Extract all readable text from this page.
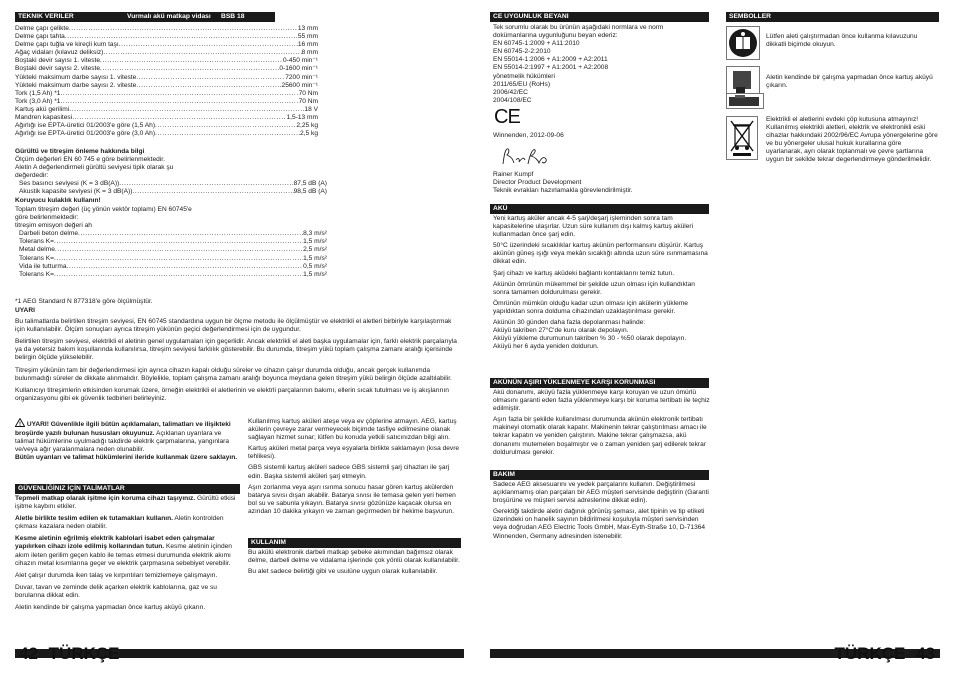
TEKNIK VERILER	Vurmalı akü matkap vidası BSB 18
Delme çapı çelikte .....	13 mm
Delme çapı tahta .....	55 mm
Delme çapı tuğla ve kireçli kum taşı .....	16 mm
Ağaç vidaları (kılavuz deliksiz) .....	8 mm
Boştaki devir sayısı 1. viteste .....	0-450 min⁻¹
Boştaki devir sayısı 2. viteste .....	0-1600 min⁻¹
Yükteki maksimum darbe sayısı 1. viteste .....	7200 min⁻¹
Yükteki maksimum darbe sayısı 2. viteste .....	25600 min⁻¹
Tork (1,5 Ah) *1 .....	70 Nm
Tork (3,0 Ah) *1 .....	70 Nm
Kartuş akü gerilimi .....	18 V
Mandren kapasitesi .....	1,5-13 mm
Ağırlığı ise EPTA-üretici 01/2003'e göre (1,5 Ah) .....	2,25 kg
Ağırlığı ise EPTA-üretici 01/2003'e göre (3,0 Ah) .....	2,5 kg
Gürültü ve titreşim önleme hakkında bilgi
Ölçüm değerleri EN 60 745 e göre belirlenmektedir.
Aletin A değerlendirmeli gürültü seviyesi tipik olarak şu
değerdedir:
Ses basıncı seviyesi (K = 3 dB(A)) .....	87,5 dB (A)
Akustik kapasite seviyesi (K = 3 dB(A)) .....	98,5 dB (A)
Koruyucu kulaklık kullanın!
Toplam titreşim değeri (üç yönün vektör toplamı) EN 60745'e
göre belirlenmektedir:
titreşim emisyon değeri ah
Darbeli beton delme .....	8,3 m/s²
Tolerans K= .....	1,5 m/s²
Metal delme .....	2,5 m/s²
Tolerans K= .....	1,5 m/s²
Vida ile tutturma .....	0,5 m/s²
Tolerans K= .....	1,5 m/s²
*1 AEG Standard N 877318'e göre ölçülmüştür.
UYARI
Bu talimatlarda belirtilen titreşim seviyesi, EN 60745 standardına uygun bir ölçme metodu ile ölçülmüştür ve elektrikli el aletleri birbiriyle karşılaştırmak için kullanılabilir. Ölçüm sonuçları ayrıca titreşim yükünün geçici değerlendirmesi için de uygundur.
Belirtilen titreşim seviyesi, elektrikli el aletinin genel uygulamaları için geçerlidir. Ancak elektrikli el aleti başka uygulamalar için, farklı elektrik parçalarıyla ya da yetersiz bakım koşullarında kullanılırsa, titreşim seviyesi farklılık gösterebilir. Bu durumda, titreşim yükü toplam çalışma zamanı aralığı içerisinde belirgin ölçüde yükselebilir.
Titreşim yükünün tam bir değerlendirmesi için ayrıca cihazın kapalı olduğu süreler ve cihazın çalışır durumda olduğu, ancak gerçek kullanımda bulunmadığı süreler de dikkate alınmalıdır. Böylelikle, toplam çalışma zamanı aralığı boyunca meydana gelen titreşim yükü belirgin ölçüde azaltılabilir.
Kullanıcıyı titreşimlerin etkisinden korumak üzere, örneğin elektrikli el aletlerinin ve elektrli parçalarının bakımı, ellerin sıcak tutulması ve iş akışlarının organizasyonu gibi ek güvenlik tedbirleri belirleyiniz.
! UYARI! Güvenlikle ilgili bütün açıklamaları, talimatları ve ilişikteki broşürde yazılı bulunan hususları okuyunuz. Açıklanan uyarılara ve talimat hükümlerine uyulmadığı takdirde elektrik çarpmalarına, yangınlara ve/veya ağır yaralanmalara neden olunabilir.
Bütün uyarıları ve talimat hükümlerini ileride kullanmak üzere saklayın.
GÜVENLİĞİNIZ İÇİN TALİMATLAR
Tepmeli matkap olarak işitme için koruma cihazı taşıyınız. Gürültü etkisi işitme kaybını etkiler.
Aletle birlikte teslim edilen ek tutamakları kullanın. Aletin kontrolden çıkması kazalara neden olabilir.
Kesme aletinin eğrilmiş elektrik kablolari isabet eden çalışmalar yapılırken cihazı izole edilmiş kollarından tutun. Kesme aletinin içinden akım ileten gerilim geçen kablo ile temas etmesi durumunda elektrik akımı cihazın metal kısımlarına geçer ve elektrik çarpmasına sebebiyet verebilir.
Alet çalışır durumda iken talaş ve kırpıntıları temizlemeye çalışmayın.
Duvar, tavan ve zeminde delik açarken elektrik kablolarına, gaz ve su borularına dikkat edin.
Aletin kendinde bir çalışma yapmadan önce kartuş aküyü çıkarın.
Kullanılmış kartuş aküleri ateşe veya ev çöplerine atmayın. AEG, kartuş akülerin çevreye zarar vermeyecek biçimde tasfiye edilmesine olanak sağlayan hizmet sunar; lütfen bu konuda yetkili satıcınızdan bilgi alın.
Kartuş aküleri metal parça veya eşyalarla birlikte saklamayın (kısa devre tehlikesi).
GBS sistemli kartuş aküleri sadece GBS sistemli şarj cihazları ile şarj edin. Başka sistemli aküleri şarj etmeyin.
Aşırı zorlanma veya aşırı ısınma sonucu hasar gören kartuş akülerden batarya sıvısı dışarı akabilir. Batarya sıvısı ile temasa gelen yeri hemen bol su ve sabunla yıkayın. Batarya sıvısı gözünüze kaçacak olursa en azından 10 dakika yıkayın ve zaman geçirmeden bir hekime başvurun.
KULLANIM
Bu akülü elektronik darbeli matkap şebeke akımından bağımsız olarak delme, darbeli delme ve vidalama işlerinde çok yönlü olarak kullanılabilir.
Bu alet sadece belirtiği gibi ve usulüne uygun olarak kullanılabilir.
42 TÜRKÇE
CE UYGUNLUK BEYANI
Tek sorumlu olarak bu ürünün aşağıdaki normlara ve norm
dokümanlarına uygunluğunu beyan ederiz:
EN 60745-1:2009 + A11:2010
EN 60745-2-2:2010
EN 55014-1:2006 + A1:2009 + A2:2011
EN 55014-2:1997 + A1:2001 + A2:2008
yönetmelik hükümleri
2011/65/EU (RoHs)
2006/42/EC
2004/108/EC
CE
Winnenden, 2012-09-06
Rainer Kumpf
Director Product Development
Teknik evrakları hazırlamakla görevlendirilmiştir.
AKÜ
Yeni kartuş aküler ancak 4-5 şarj/deşarj işleminden sonra tam kapasitelerine ulaşırlar. Uzun süre kullanım dışı kalmış kartuş aküleri kullanmadan önce şarj edin.
50°C üzerindeki sıcaklıklar kartuş akünün performansını düşürür. Kartuş akünün güneş ışığı veya mekân sıcaklığı altında uzun süre ısınmamasına dikkat edin.
Şarj cihazı ve kartuş aküdeki bağlantı kontaklarını temiz tutun.
Akünün ömrünün mükemmel bir şekilde uzun olması için kullandıktan sonra tamamen doldurulması gerekir.
Ömrünün mümkün olduğu kadar uzun olması için akülerin yükleme yapıldıktan sonra dolduma cihazından uzaklaştırılması gerekir.
Akünün 30 günden daha fazla depolanması halinde:
Aküyü takriben 27°C'de kuru olarak depolayın.
Aküyü yükleme durumunun takriben % 30 - %50 olarak depolayın.
Aküyü her 6 ayda yeniden doldurun.
AKÜNÜN AŞIRI YÜKLENMEYE KARŞI KORUNMASI
Akü donanımı, aküyü fazla yüklenmeye karşı koruyan ve uzun ömürlü olmasını garanti eden fazla yüklenmeye karşı bir koruma tertibatı ile teçhiz edilmiştir.
Aşırı fazla bir şekilde kullanılması durumunda akünün elektronik tertibatı makineyi otomatik olarak kapatır. Makinenin tekrar çalıştırılması amacı ile tekrar kapatın ve yeniden çalıştırın. Makine tekrar çalışmazsa, akü donanımı mutemelen boşalmıştır ve o zaman yeniden şarj edilerek tekrar doldurulması gerekir.
BAKIM
Sadece AEG aksesuarını ve yedek parçalarını kullanın. Değiştirilmesi açıklanmamış olan parçaları bir AEG müşteri servisinde değiştirin (Garanti broşürüne ve müşteri servisi adreslerine dikkat edin).
Gerektiği takdirde aletin dağınık görünüş şeması, alet tipinin ve tip etiketi üzerindeki on hanelik sayının bildirilmesi koşuluyla müşteri servisinden veya doğrudan AEG Electric Tools GmbH, Max-Eyth-Straße 10, D-71364 Winnenden, Germany adresinden istenebilir.
SEMBOLLER
Lütfen aleti çalıştırmadan önce kullanma kılavuzunu dikkatli biçimde okuyun.
Aletin kendinde bir çalışma yapmadan önce kartuş aküyü çıkarın.
Elektrikli el aletlerini evdeki çöp kutusuna atmayınız! Kullanılmış elektrikli aletleri, elektrik ve elektronikli eski cihazlar hakkındaki 2002/96/EC Avrupa yönergelerine göre ve bu yönergeler ulusal hukuk kurallarına göre uyarlanarak, ayrı olarak toplanmalı ve çevre şartlarına uygun bir sekilde tekrar degerlendirmeye gönderilmelidir.
TÜRKÇE 43
